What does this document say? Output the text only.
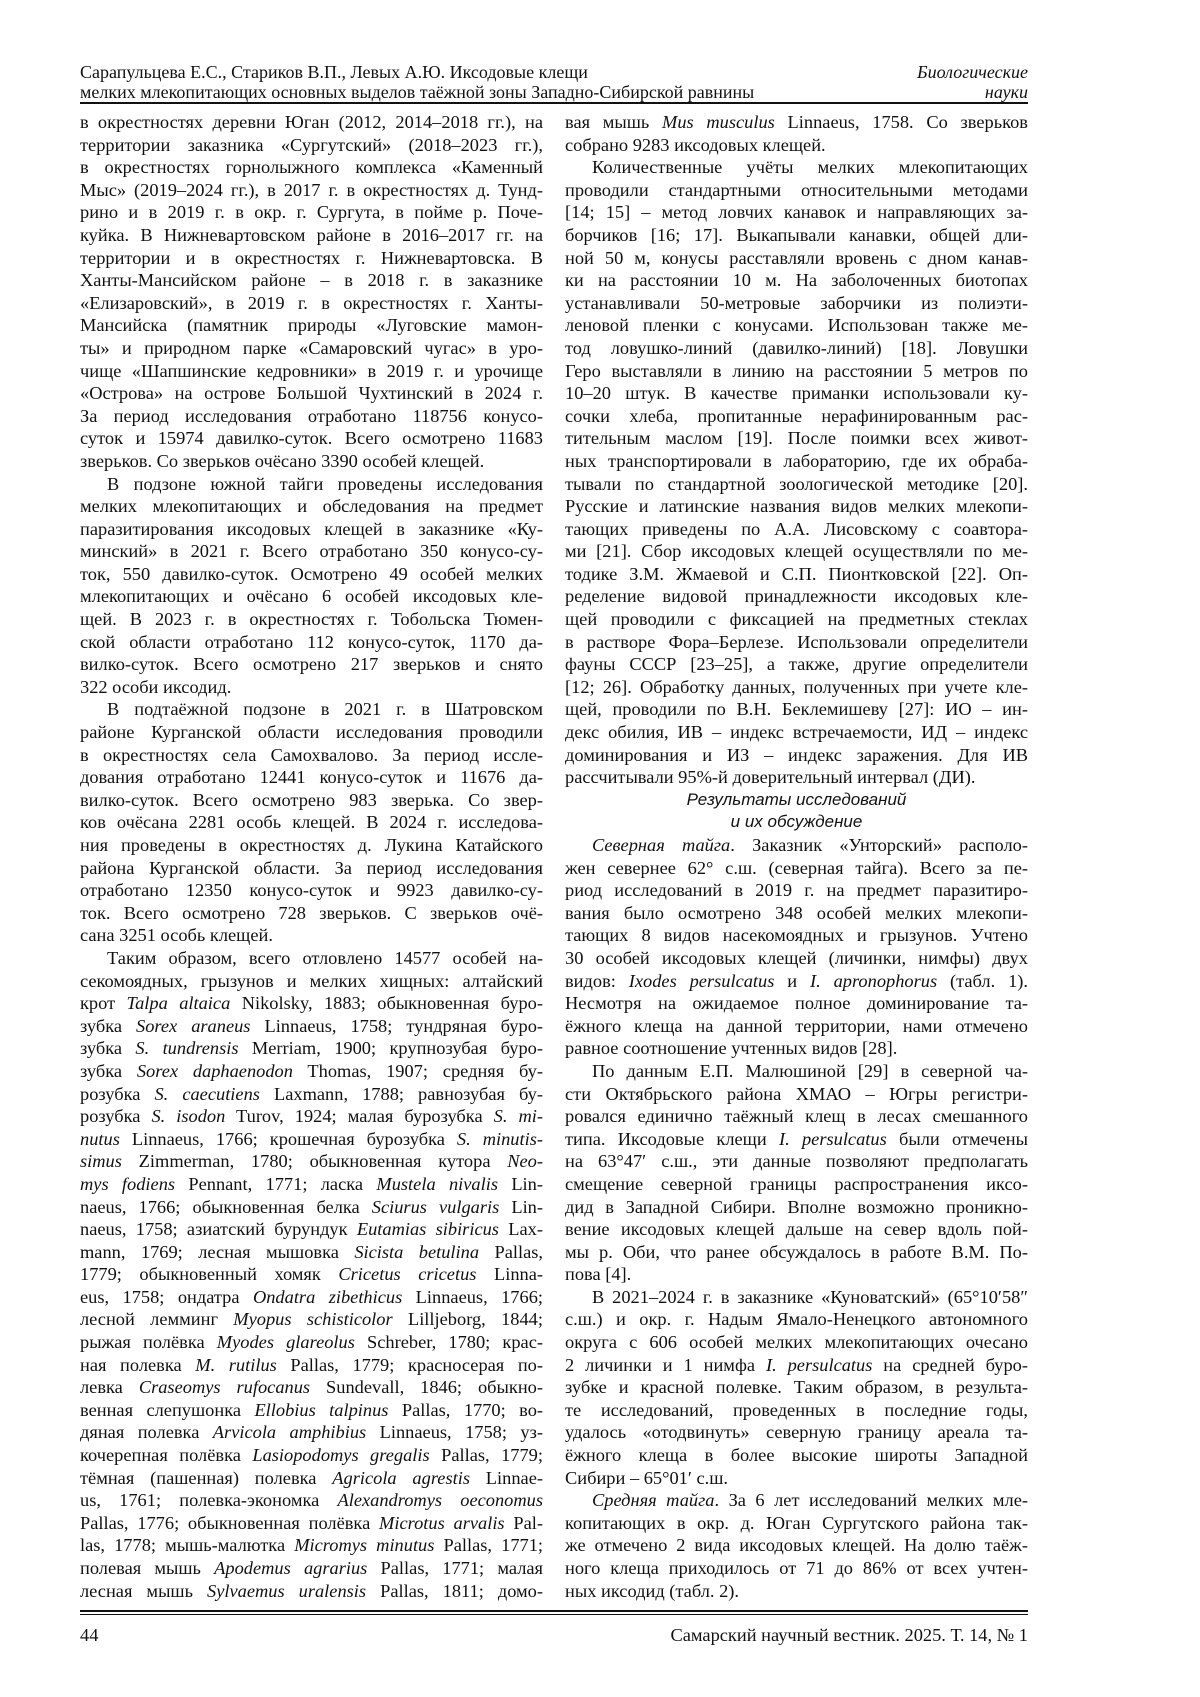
Сарапульцева Е.С., Стариков В.П., Левых А.Ю. Иксодовые клещи	Биологические
мелких млекопитающих основных выделов таёжной зоны Западно-Сибирской равнины	науки
в окрестностях деревни Юган (2012, 2014–2018 гг.), на
территории заказника «Сургутский» (2018–2023 гг.),
в окрестностях горнолыжного комплекса «Каменный
Мыс» (2019–2024 гг.), в 2017 г. в окрестностях д. Тунд-
рино и в 2019 г. в окр. г. Сургута, в пойме р. Поче-
куйка. В Нижневартовском районе в 2016–2017 гг. на
территории и в окрестностях г. Нижневартовска. В
Ханты-Мансийском районе – в 2018 г. в заказнике
«Елизаровский», в 2019 г. в окрестностях г. Ханты-
Мансийска (памятник природы «Луговские мамон-
ты» и природном парке «Самаровский чугас» в уро-
чище «Шапшинские кедровники» в 2019 г. и урочище
«Острова» на острове Большой Чухтинский в 2024 г.
За период исследования отработано 118756 конусо-
суток и 15974 давилко-суток. Всего осмотрено 11683
зверьков. Со зверьков очёсано 3390 особей клещей.
В подзоне южной тайги проведены исследования
мелких млекопитающих и обследования на предмет
паразитирования иксодовых клещей в заказнике «Ку-
минский» в 2021 г. Всего отработано 350 конусо-су-
ток, 550 давилко-суток. Осмотрено 49 особей мелких
млекопитающих и очёсано 6 особей иксодовых кле-
щей. В 2023 г. в окрестностях г. Тобольска Тюмен-
ской области отработано 112 конусо-суток, 1170 да-
вилко-суток. Всего осмотрено 217 зверьков и снято
322 особи иксодид.
В подтаёжной подзоне в 2021 г. в Шатровском
районе Курганской области исследования проводили
в окрестностях села Самохвалово. За период иссле-
дования отработано 12441 конусо-суток и 11676 да-
вилко-суток. Всего осмотрено 983 зверька. Со звер-
ков очёсана 2281 особь клещей. В 2024 г. исследова-
ния проведены в окрестностях д. Лукина Катайского
района Курганской области. За период исследования
отработано 12350 конусо-суток и 9923 давилко-су-
ток. Всего осмотрено 728 зверьков. С зверьков очё-
сана 3251 особь клещей.
Таким образом, всего отловлено 14577 особей на-
секомоядных, грызунов и мелких хищных: алтайский
крот Talpa altaica Nikolsky, 1883; обыкновенная буро-
зубка Sorex araneus Linnaeus, 1758; тундряная буро-
зубка S. tundrensis Merriam, 1900; крупнозубая буро-
зубка Sorex daphaenodon Thomas, 1907; средняя бу-
розубка S. caecutiens Laxmann, 1788; равнозубая бу-
розубка S. isodon Turov, 1924; малая бурозубка S. mi-
nutus Linnaeus, 1766; крошечная бурозубка S. minutis-
simus Zimmerman, 1780; обыкновенная кутора Neo-
mys fodiens Pennant, 1771; ласка Mustela nivalis Lin-
naeus, 1766; обыкновенная белка Sciurus vulgaris Lin-
naeus, 1758; азиатский бурундук Eutamias sibiricus Lax-
mann, 1769; лесная мышовка Sicista betulina Pallas,
1779; обыкновенный хомяк Cricetus cricetus Linna-
eus, 1758; ондатра Ondatra zibethicus Linnaeus, 1766;
лесной лемминг Myopus schisticolor Lilljeborg, 1844;
рыжая полёвка Myodes glareolus Schreber, 1780; крас-
ная полевка M. rutilus Pallas, 1779; красносерая по-
левка Craseomys rufocanus Sundevall, 1846; обыкно-
венная слепушонка Ellobius talpinus Pallas, 1770; во-
дяная полевка Arvicola amphibius Linnaeus, 1758; уз-
кочерепная полёвка Lasiopodomys gregalis Pallas, 1779;
тёмная (пашенная) полевка Agricola agrestis Linnae-
us, 1761; полевка-экономка Alexandromys oeconomus
Pallas, 1776; обыкновенная полёвка Microtus arvalis Pal-
las, 1778; мышь-малютка Micromys minutus Pallas, 1771;
полевая мышь Apodemus agrarius Pallas, 1771; малая
лесная мышь Sylvaemus uralensis Pallas, 1811; домо-
вая мышь Mus musculus Linnaeus, 1758. Со зверьков
собрано 9283 иксодовых клещей.
Количественные учёты мелких млекопитающих
проводили стандартными относительными методами
[14; 15] – метод ловчих канавок и направляющих за-
борчиков [16; 17]. Выкапывали канавки, общей дли-
ной 50 м, конусы расставляли вровень с дном канав-
ки на расстоянии 10 м. На заболоченных биотопах
устанавливали 50-метровые заборчики из полиэти-
леновой пленки с конусами. Использован также ме-
тод ловушко-линий (давилко-линий) [18]. Ловушки
Геро выставляли в линию на расстоянии 5 метров по
10–20 штук. В качестве приманки использовали ку-
сочки хлеба, пропитанные нерафинированным рас-
тительным маслом [19]. После поимки всех живот-
ных транспортировали в лабораторию, где их обраба-
тывали по стандартной зоологической методике [20].
Русские и латинские названия видов мелких млекопи-
тающих приведены по А.А. Лисовскому с соавтора-
ми [21]. Сбор иксодовых клещей осуществляли по ме-
тодике З.М. Жмаевой и С.П. Пионтковской [22]. Оп-
ределение видовой принадлежности иксодовых кле-
щей проводили с фиксацией на предметных стеклах
в растворе Фора–Берлезе. Использовали определители
фауны СССР [23–25], а также, другие определители
[12; 26]. Обработку данных, полученных при учете кле-
щей, проводили по В.Н. Беклемишеву [27]: ИО – ин-
декс обилия, ИВ – индекс встречаемости, ИД – индекс
доминирования и ИЗ – индекс заражения. Для ИВ
рассчитывали 95%-й доверительный интервал (ДИ).
Результаты исследований
и их обсуждение
Северная тайга. Заказник «Унторский» располо-
жен севернее 62° с.ш. (северная тайга). Всего за пе-
риод исследований в 2019 г. на предмет паразитиро-
вания было осмотрено 348 особей мелких млекопи-
тающих 8 видов насекомоядных и грызунов. Учтено
30 особей иксодовых клещей (личинки, нимфы) двух
видов: Ixodes persulcatus и I. apronophorus (табл. 1).
Несмотря на ожидаемое полное доминирование та-
ёжного клеща на данной территории, нами отмечено
равное соотношение учтенных видов [28].
По данным Е.П. Малюшиной [29] в северной ча-
сти Октябрьского района ХМАО – Югры регистри-
ровался единично таёжный клещ в лесах смешанного
типа. Иксодовые клещи I. persulcatus были отмечены
на 63°47′ с.ш., эти данные позволяют предполагать
смещение северной границы распространения иксо-
дид в Западной Сибири. Вполне возможно проникно-
вение иксодовых клещей дальше на север вдоль пой-
мы р. Оби, что ранее обсуждалось в работе В.М. По-
пова [4].
В 2021–2024 г. в заказнике «Куноватский» (65°10′58″
с.ш.) и окр. г. Надым Ямало-Ненецкого автономного
округа с 606 особей мелких млекопитающих очесано
2 личинки и 1 нимфа I. persulcatus на средней буро-
зубке и красной полевке. Таким образом, в результа-
те исследований, проведенных в последние годы,
удалось «отодвинуть» северную границу ареала та-
ёжного клеща в более высокие широты Западной
Сибири – 65°01′ с.ш.
Средняя тайга. За 6 лет исследований мелких мле-
копитающих в окр. д. Юган Сургутского района так-
же отмечено 2 вида иксодовых клещей. На долю таёж-
ного клеща приходилось от 71 до 86% от всех учтен-
ных иксодид (табл. 2).
44	Самарский научный вестник. 2025. Т. 14, № 1
